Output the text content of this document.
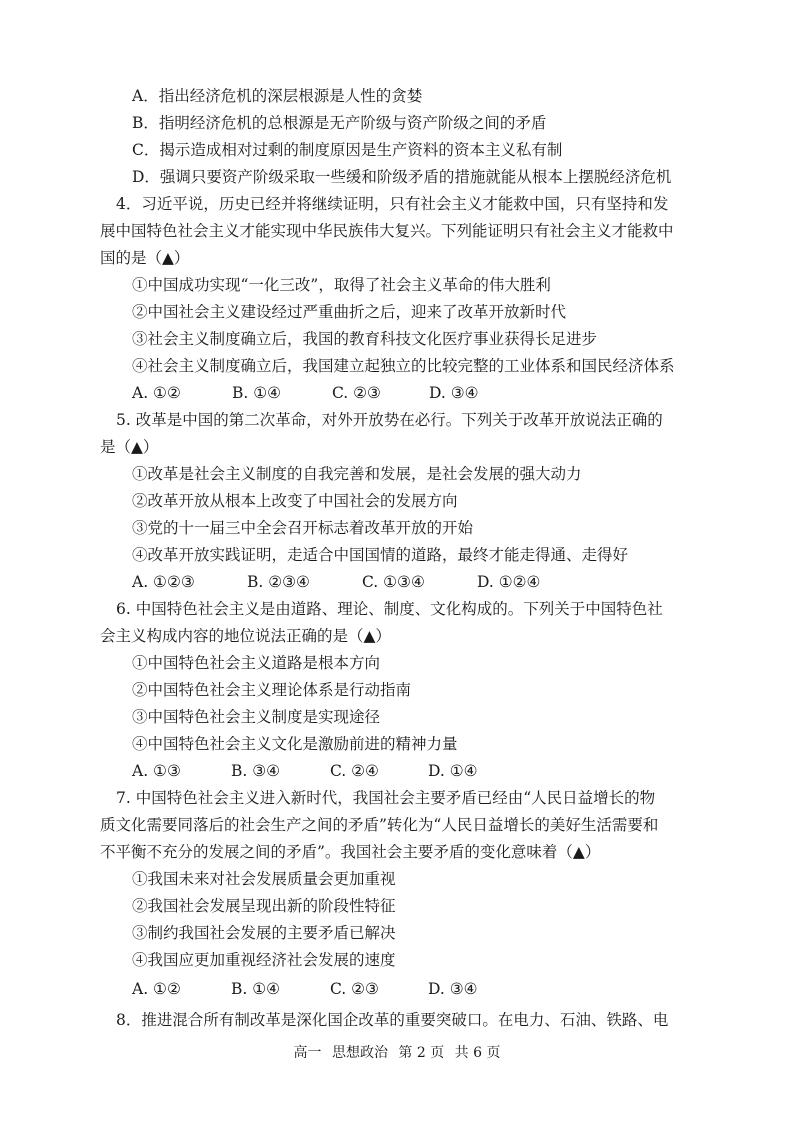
A．指出经济危机的深层根源是人性的贪婪
B．指明经济危机的总根源是无产阶级与资产阶级之间的矛盾
C．揭示造成相对过剩的制度原因是生产资料的资本主义私有制
D．强调只要资产阶级采取一些缓和阶级矛盾的措施就能从根本上摆脱经济危机
4．习近平说，历史已经并将继续证明，只有社会主义才能救中国，只有坚持和发
展中国特色社会主义才能实现中华民族伟大复兴。下列能证明只有社会主义才能救中
国的是（▲）
①中国成功实现“一化三改”，取得了社会主义革命的伟大胜利
②中国社会主义建设经过严重曲折之后，迎来了改革开放新时代
③社会主义制度确立后，我国的教育科技文化医疗事业获得长足进步
④社会主义制度确立后，我国建立起独立的比较完整的工业体系和国民经济体系
A. ①②	B. ①④	C. ②③	D. ③④
5. 改革是中国的第二次革命，对外开放势在必行。下列关于改革开放说法正确的
是（▲）
①改革是社会主义制度的自我完善和发展，是社会发展的强大动力
②改革开放从根本上改变了中国社会的发展方向
③党的十一届三中全会召开标志着改革开放的开始
④改革开放实践证明，走适合中国国情的道路，最终才能走得通、走得好
A. ①②③	B. ②③④	C. ①③④	D. ①②④
6. 中国特色社会主义是由道路、理论、制度、文化构成的。下列关于中国特色社
会主义构成内容的地位说法正确的是（▲）
①中国特色社会主义道路是根本方向
②中国特色社会主义理论体系是行动指南
③中国特色社会主义制度是实现途径
④中国特色社会主义文化是激励前进的精神力量
A. ①③	B. ③④	C. ②④	D. ①④
7. 中国特色社会主义进入新时代，我国社会主要矛盾已经由“人民日益增长的物
质文化需要同落后的社会生产之间的矛盾”转化为“人民日益增长的美好生活需要和
不平衡不充分的发展之间的矛盾”。我国社会主要矛盾的变化意味着（▲）
①我国未来对社会发展质量会更加重视
②我国社会发展呈现出新的阶段性特征
③制约我国社会发展的主要矛盾已解决
④我国应更加重视经济社会发展的速度
A. ①②	B. ①④	C. ②③	D. ③④
8．推进混合所有制改革是深化国企改革的重要突破口。在电力、石油、铁路、电
高一 思想政治 第 2 页 共 6 页
